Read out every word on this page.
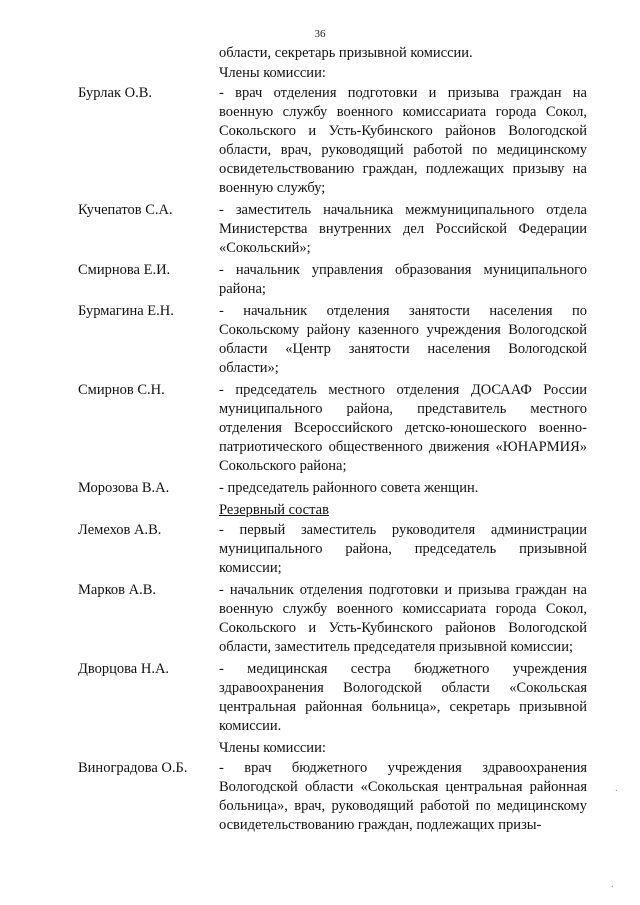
36
области, секретарь призывной комиссии.
Члены комиссии:
Бурлак О.В.	- врач отделения подготовки и призыва граждан на военную службу военного комиссариата города Сокол, Сокольского и Усть-Кубинского районов Вологодской области, врач, руководящий работой по медицинскому освидетельствованию граждан, подлежащих призыву на военную службу;
Кучепатов С.А.	- заместитель начальника межмуниципального отдела Министерства внутренних дел Российской Федерации «Сокольский»;
Смирнова Е.И.	- начальник управления образования муниципального района;
Бурмагина Е.Н.	- начальник отделения занятости населения по Сокольскому району казенного учреждения Вологодской области «Центр занятости населения Вологодской области»;
Смирнов С.Н.	- председатель местного отделения ДОСААФ России муниципального района, представитель местного отделения Всероссийского детско-юношеского военно-патриотического общественного движения «ЮНАРМИЯ» Сокольского района;
Морозова В.А.	- председатель районного совета женщин.
Резервный состав
Лемехов А.В.	- первый заместитель руководителя администрации муниципального района, председатель призывной комиссии;
Марков А.В.	- начальник отделения подготовки и призыва граждан на военную службу военного комиссариата города Сокол, Сокольского и Усть-Кубинского районов Вологодской области, заместитель председателя призывной комиссии;
Дворцова Н.А.	- медицинская сестра бюджетного учреждения здравоохранения Вологодской области «Сокольская центральная районная больница», секретарь призывной комиссии.
Члены комиссии:
Виноградова О.Б. - врач бюджетного учреждения здравоохранения Вологодской области «Сокольская центральная районная больница», врач, руководящий работой по медицинскому освидетельствованию граждан, подлежащих призы-
·
·
